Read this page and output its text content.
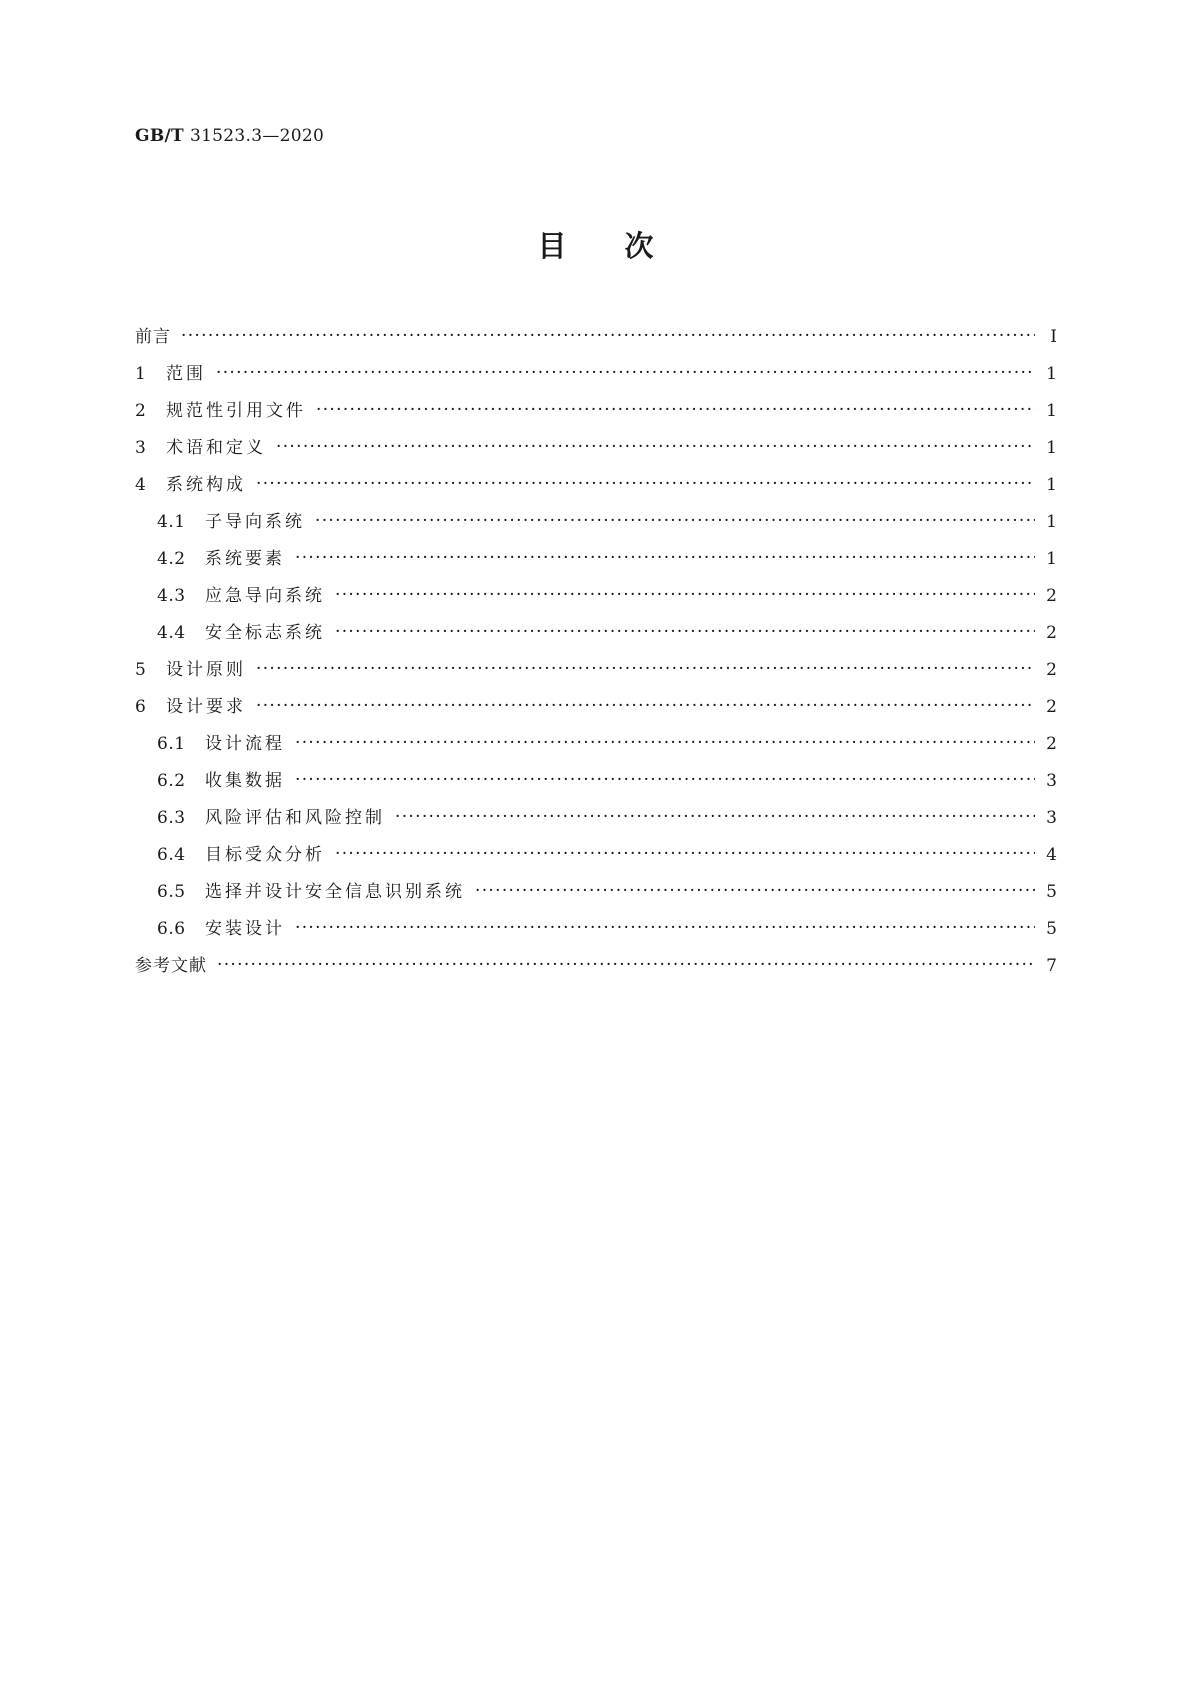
GB/T 31523.3—2020
目次
前言 ·····	Ⅰ
1	范围 ·····	1
2	规范性引用文件 ·····	1
3	术语和定义 ·····	1
4	系统构成 ·····	1
4.1	子导向系统 ·····	1
4.2	系统要素 ·····	1
4.3	应急导向系统 ·····	2
4.4	安全标志系统 ·····	2
5	设计原则 ·····	2
6	设计要求 ·····	2
6.1	设计流程 ·····	2
6.2	收集数据 ·····	3
6.3	风险评估和风险控制 ·····	3
6.4	目标受众分析 ·····	4
6.5	选择并设计安全信息识别系统 ·····	5
6.6	安装设计 ·····	5
参考文献 ·····	7
